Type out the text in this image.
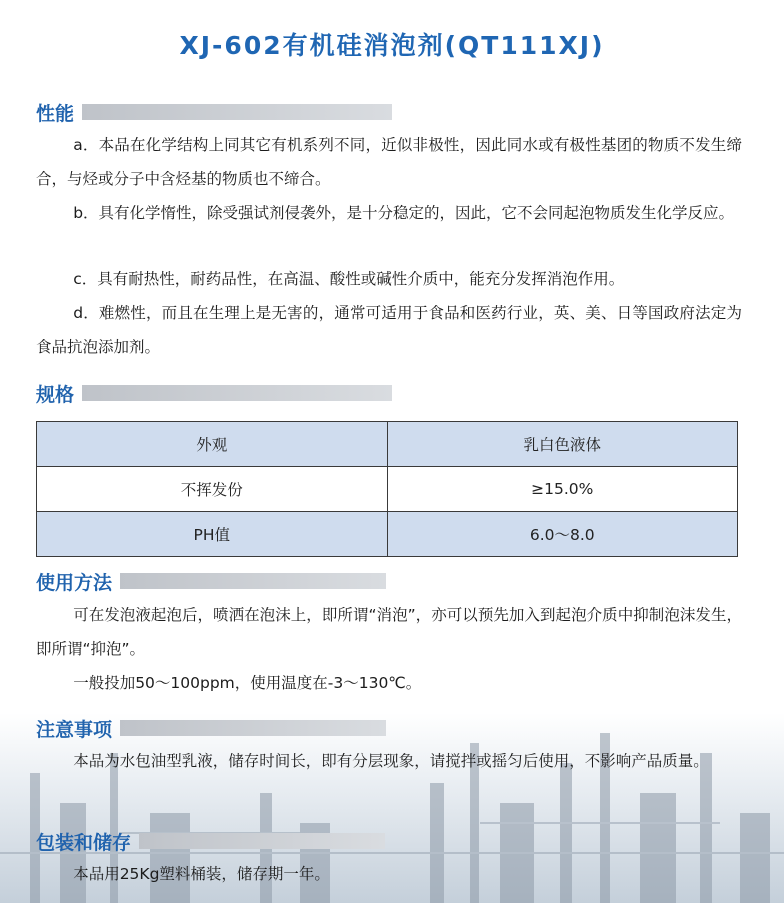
XJ-602有机硅消泡剂(QT111XJ)
性能
a．本品在化学结构上同其它有机系列不同，近似非极性，因此同水或有极性基团的物质不发生缔合，与烃或分子中含烃基的物质也不缔合。
b．具有化学惰性，除受强试剂侵袭外，是十分稳定的，因此，它不会同起泡物质发生化学反应。
c．具有耐热性，耐药品性，在高温、酸性或碱性介质中，能充分发挥消泡作用。
d．难燃性，而且在生理上是无害的，通常可适用于食品和医药行业，英、美、日等国政府法定为食品抗泡添加剂。
规格
外观	乳白色液体
不挥发份	≥15.0%
PH值	6.0～8.0
使用方法
可在发泡液起泡后，喷洒在泡沫上，即所谓“消泡”，亦可以预先加入到起泡介质中抑制泡沫发生，即所谓“抑泡”。
一般投加50～100ppm，使用温度在-3～130℃。
注意事项
本品为水包油型乳液，储存时间长，即有分层现象，请搅拌或摇匀后使用，不影响产品质量。
包装和储存
本品用25Kg塑料桶装，储存期一年。
